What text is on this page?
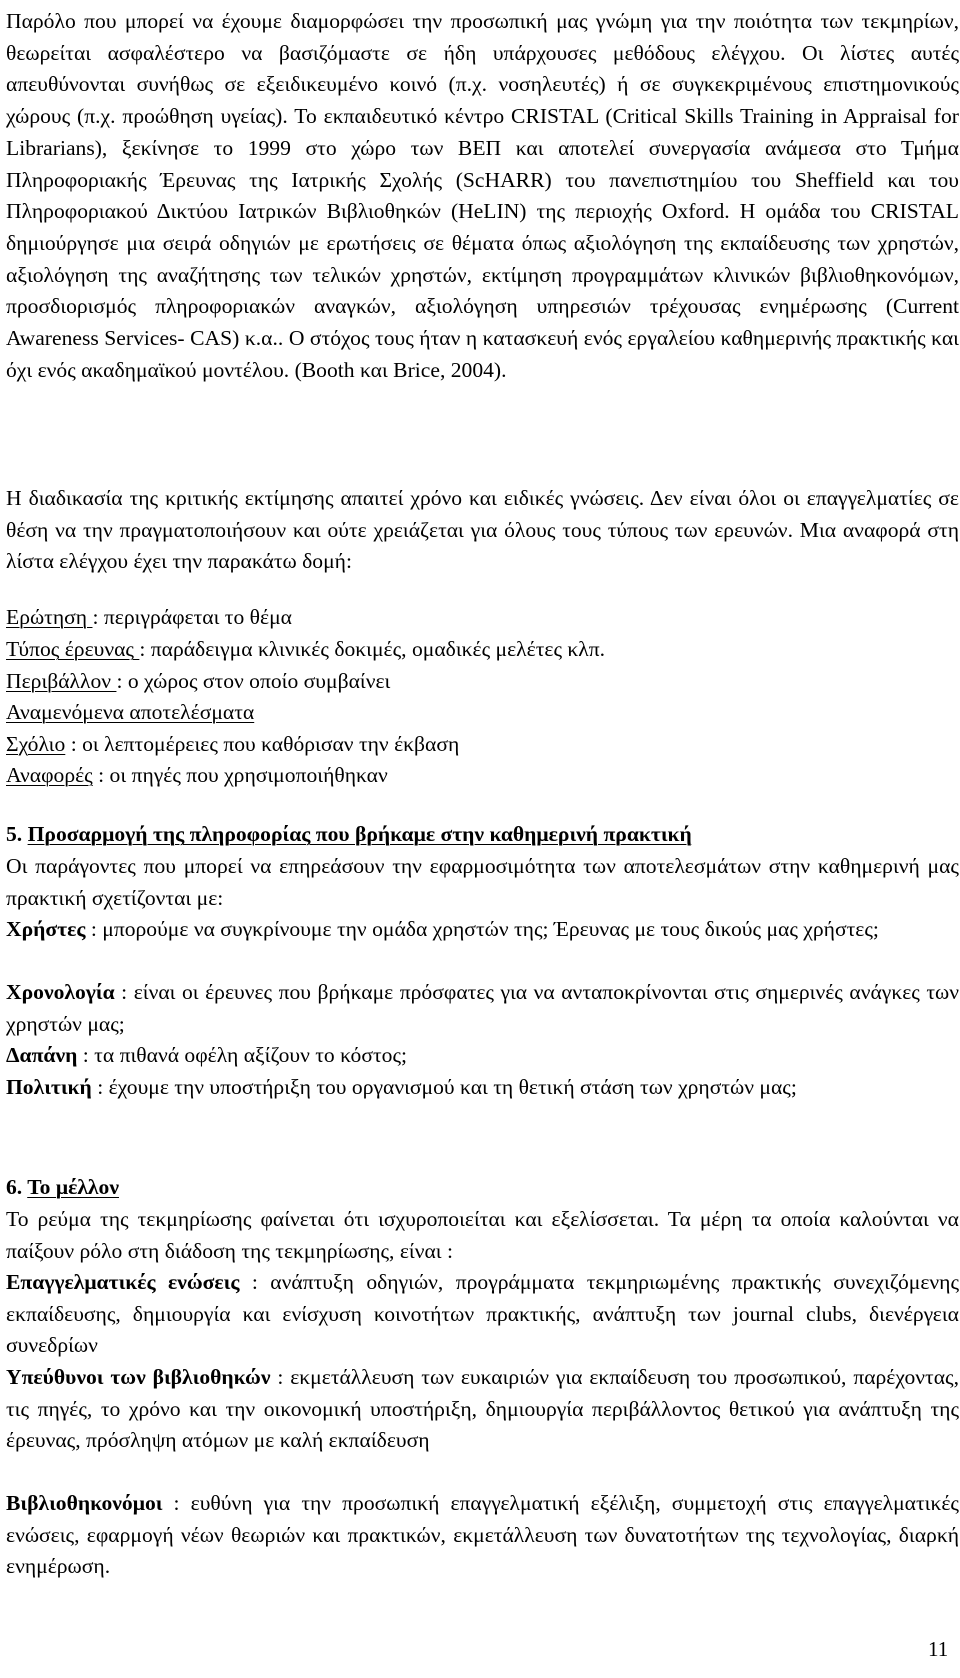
Παρόλο που μπορεί να έχουμε διαμορφώσει την προσωπική μας γνώμη για την ποιότητα των τεκμηρίων, θεωρείται ασφαλέστερο να βασιζόμαστε σε ήδη υπάρχουσες μεθόδους ελέγχου. Οι λίστες αυτές απευθύνονται συνήθως σε εξειδικευμένο κοινό (π.χ. νοσηλευτές) ή σε συγκεκριμένους επιστημονικούς χώρους (π.χ. προώθηση υγείας). Το εκπαιδευτικό κέντρο CRISTAL (Critical Skills Training in Appraisal for Librarians), ξεκίνησε το 1999 στο χώρο των ΒΕΠ και αποτελεί συνεργασία ανάμεσα στο Τμήμα Πληροφοριακής Έρευνας της Ιατρικής Σχολής (ScHARR) του πανεπιστημίου του Sheffield και του Πληροφοριακού Δικτύου Ιατρικών Βιβλιοθηκών (HeLIN) της περιοχής Oxford. Η ομάδα του CRISTAL δημιούργησε μια σειρά οδηγιών με ερωτήσεις σε θέματα όπως αξιολόγηση της εκπαίδευσης των χρηστών, αξιολόγηση της αναζήτησης των τελικών χρηστών, εκτίμηση προγραμμάτων κλινικών βιβλιοθηκονόμων, προσδιορισμός πληροφοριακών αναγκών, αξιολόγηση υπηρεσιών τρέχουσας ενημέρωσης (Current Awareness Services- CAS) κ.α.. Ο στόχος τους ήταν η κατασκευή ενός εργαλείου καθημερινής πρακτικής και όχι ενός ακαδημαϊκού μοντέλου. (Booth και Brice, 2004).

Η διαδικασία της κριτικής εκτίμησης απαιτεί χρόνο και ειδικές γνώσεις. Δεν είναι όλοι οι επαγγελματίες σε θέση να την πραγματοποιήσουν και ούτε χρειάζεται για όλους τους τύπους των ερευνών. Μια αναφορά στη λίστα ελέγχου έχει την παρακάτω δομή:

Ερώτηση : περιγράφεται το θέμα
Τύπος έρευνας : παράδειγμα κλινικές δοκιμές, ομαδικές μελέτες κλπ.
Περιβάλλον : ο χώρος στον οποίο συμβαίνει
Αναμενόμενα αποτελέσματα
Σχόλιο : οι λεπτομέρειες που καθόρισαν την έκβαση
Αναφορές : οι πηγές που χρησιμοποιήθηκαν
5. Προσαρμογή της πληροφορίας που βρήκαμε στην καθημερινή πρακτική

Οι παράγοντες που μπορεί να επηρεάσουν την εφαρμοσιμότητα των αποτελεσμάτων στην καθημερινή μας πρακτική σχετίζονται με:

Χρήστες : μπορούμε να συγκρίνουμε την ομάδα χρηστών της; Έρευνας με τους δικούς μας χρήστες;

Χρονολογία : είναι οι έρευνες που βρήκαμε πρόσφατες για να ανταποκρίνονται στις σημερινές ανάγκες των χρηστών μας;

Δαπάνη : τα πιθανά οφέλη αξίζουν το κόστος;

Πολιτική : έχουμε την υποστήριξη του οργανισμού και τη θετική στάση των χρηστών μας;

6. Το μέλλον

Το ρεύμα της τεκμηρίωσης φαίνεται ότι ισχυροποιείται και εξελίσσεται. Τα μέρη τα οποία καλούνται να παίξουν ρόλο στη διάδοση της τεκμηρίωσης, είναι :

Επαγγελματικές ενώσεις : ανάπτυξη οδηγιών, προγράμματα τεκμηριωμένης πρακτικής συνεχιζόμενης εκπαίδευσης, δημιουργία και ενίσχυση κοινοτήτων πρακτικής, ανάπτυξη των journal clubs, διενέργεια συνεδρίων

Υπεύθυνοι των βιβλιοθηκών : εκμετάλλευση των ευκαιριών για εκπαίδευση του προσωπικού, παρέχοντας, τις πηγές, το χρόνο και την οικονομική υποστήριξη, δημιουργία περιβάλλοντος θετικού για ανάπτυξη της έρευνας, πρόσληψη ατόμων με καλή εκπαίδευση

Βιβλιοθηκονόμοι : ευθύνη για την προσωπική επαγγελματική εξέλιξη, συμμετοχή στις επαγγελματικές ενώσεις, εφαρμογή νέων θεωριών και πρακτικών, εκμετάλλευση των δυνατοτήτων της τεχνολογίας, διαρκή ενημέρωση.

11
